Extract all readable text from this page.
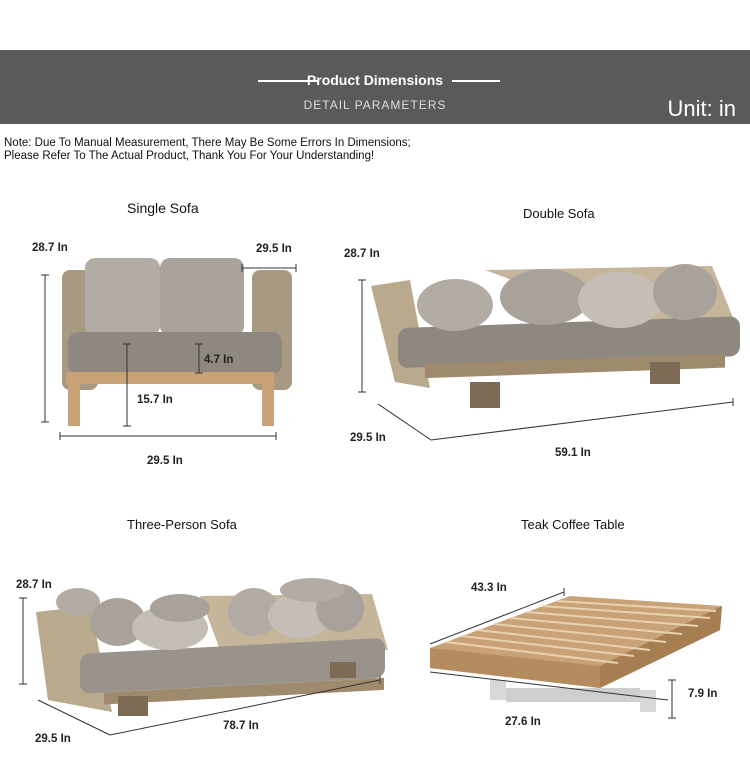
Product Dimensions
DETAIL PARAMETERS	Unit: in
Note: Due To Manual Measurement, There May Be Some Errors In Dimensions;
Please Refer To The Actual Product, Thank You For Your Understanding!
Single Sofa	Double Sofa
Three-Person Sofa	Teak Coffee Table
28.7 In	29.5 In
4.7 In
15.7 In
29.5 In
28.7 In
29.5 In
59.1 In
28.7 In
29.5 In
78.7 In
43.3 In
7.9 In
27.6 In
